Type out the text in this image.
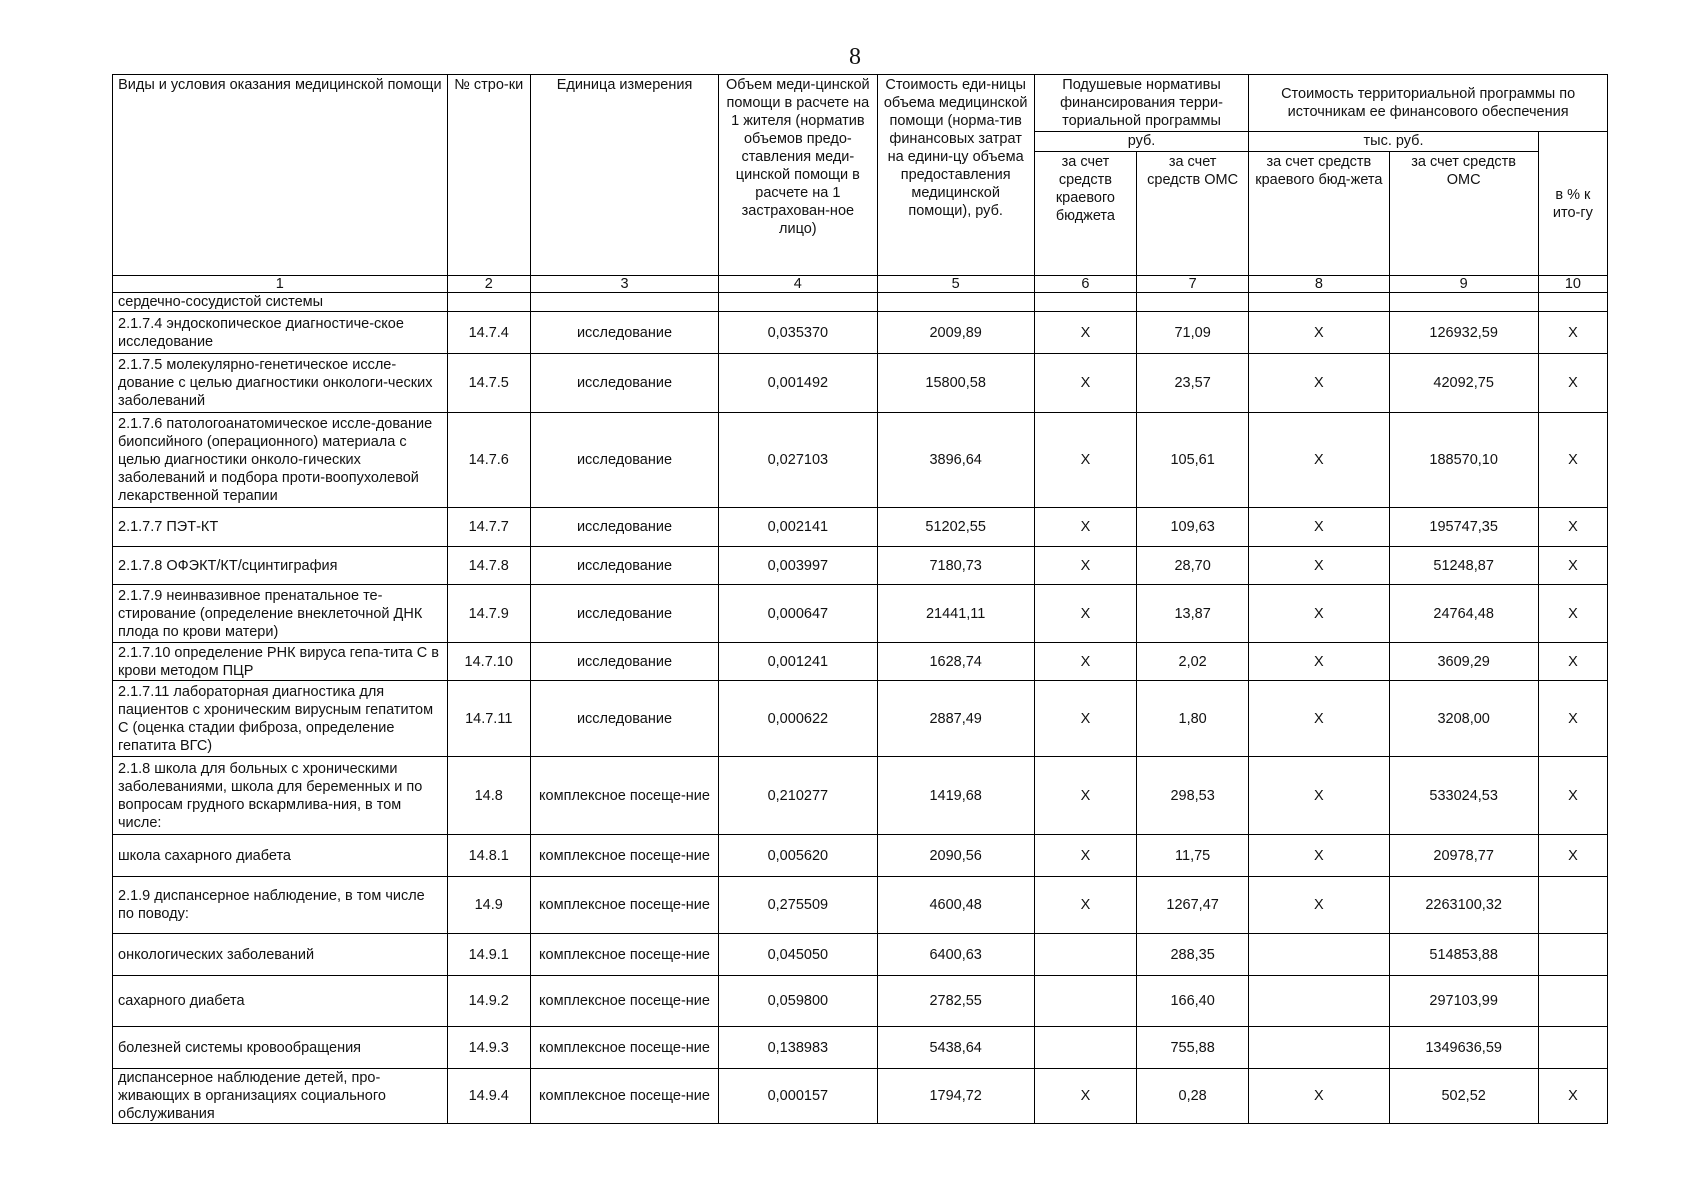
8
Виды и условия оказания медицинской помощи	№ стро-ки	Единица измерения	Объем меди-цинской помощи в расчете на 1 жителя (норматив объемов предо-ставления меди-цинской помощи в расчете на 1 застрахован-ное лицо)	Стоимость еди-ницы объема медицинской помощи (норма-тив финансовых затрат на едини-цу объема предоставления медицинской помощи), руб.	Подушевые нормативы финансирования терри-ториальной программы		Стоимость территориальной программы по источникам ее финансового обеспечения		
					руб.		тыс. руб.		в % к ито-гу
					за счет средств краевого бюджета	за счет средств ОМС	за счет средств краевого бюд-жета	за счет средств ОМС	
1	2	3	4	5	6	7	8	9	10
сердечно-сосудистой системы									
2.1.7.4 эндоскопическое диагностиче-ское исследование	14.7.4	исследование	0,035370	2009,89	Х	71,09	Х	126932,59	Х
2.1.7.5 молекулярно-генетическое иссле-дование с целью диагностики онкологи-ческих заболеваний	14.7.5	исследование	0,001492	15800,58	Х	23,57	Х	42092,75	Х
2.1.7.6 патологоанатомическое иссле-дование биопсийного (операционного) материала с целью диагностики онколо-гических заболеваний и подбора проти-воопухолевой лекарственной терапии	14.7.6	исследование	0,027103	3896,64	Х	105,61	Х	188570,10	Х
2.1.7.7 ПЭТ-КТ	14.7.7	исследование	0,002141	51202,55	Х	109,63	Х	195747,35	Х
2.1.7.8 ОФЭКТ/КТ/сцинтиграфия	14.7.8	исследование	0,003997	7180,73	Х	28,70	Х	51248,87	Х
2.1.7.9 неинвазивное пренатальное те-стирование (определение внеклеточной ДНК плода по крови матери)	14.7.9	исследование	0,000647	21441,11	Х	13,87	Х	24764,48	Х
2.1.7.10 определение РНК вируса гепа-тита С в крови методом ПЦР	14.7.10	исследование	0,001241	1628,74	Х	2,02	Х	3609,29	Х
2.1.7.11 лабораторная диагностика для пациентов с хроническим вирусным гепатитом С (оценка стадии фиброза, определение гепатита ВГС)	14.7.11	исследование	0,000622	2887,49	Х	1,80	Х	3208,00	Х
2.1.8 школа для больных с хроническими заболеваниями, школа для беременных и по вопросам грудного вскармлива-ния, в том числе:	14.8	комплексное посеще-ние	0,210277	1419,68	Х	298,53	Х	533024,53	Х
школа сахарного диабета	14.8.1	комплексное посеще-ние	0,005620	2090,56	Х	11,75	Х	20978,77	Х
2.1.9 диспансерное наблюдение, в том числе по поводу:	14.9	комплексное посеще-ние	0,275509	4600,48	Х	1267,47	Х	2263100,32	
онкологических заболеваний	14.9.1	комплексное посеще-ние	0,045050	6400,63		288,35		514853,88	
сахарного диабета	14.9.2	комплексное посеще-ние	0,059800	2782,55		166,40		297103,99	
болезней системы кровообращения	14.9.3	комплексное посеще-ние	0,138983	5438,64		755,88		1349636,59	
диспансерное наблюдение детей, про-живающих в организациях социального обслуживания	14.9.4	комплексное посеще-ние	0,000157	1794,72	Х	0,28	Х	502,52	Х
